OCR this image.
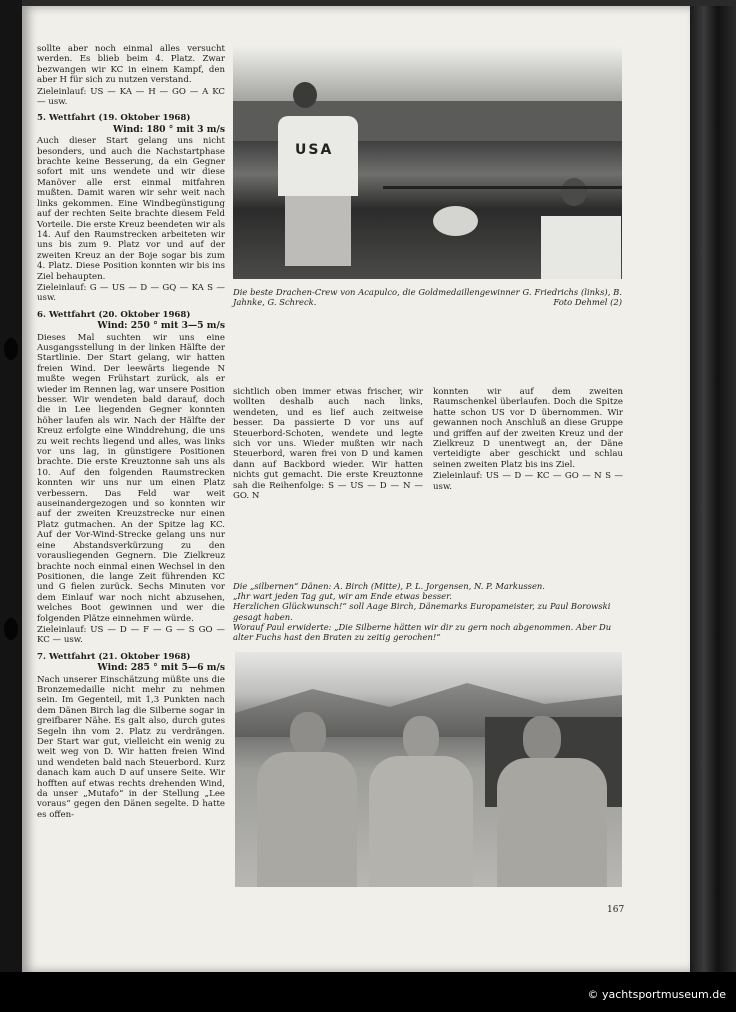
sollte aber noch einmal alles versucht werden. Es blieb beim 4. Platz. Zwar bezwangen wir KC in einem Kampf, den aber H für sich zu nutzen verstand.

Zieleinlauf: US — KA — H — GO — A KC — usw.

5. Wettfahrt (19. Oktober 1968)

Wind: 180 ° mit 3 m/s

Auch dieser Start gelang uns nicht besonders, und auch die Nachstartphase brachte keine Besserung, da ein Gegner sofort mit uns wendete und wir diese Manöver alle erst einmal mitfahren mußten. Damit waren wir sehr weit nach links gekommen. Eine Windbegünstigung auf der rechten Seite brachte diesem Feld Vorteile. Die erste Kreuz beendeten wir als 14. Auf den Raumstrecken arbeiteten wir uns bis zum 9. Platz vor und auf der zweiten Kreuz an der Boje sogar bis zum 4. Platz. Diese Position konnten wir bis ins Ziel behaupten.

Zieleinlauf: G — US — D — GQ — KA S — usw.

6. Wettfahrt (20. Oktober 1968)

Wind: 250 ° mit 3—5 m/s

Dieses Mal suchten wir uns eine Ausgangsstellung in der linken Hälfte der Startlinie. Der Start gelang, wir hatten freien Wind. Der leewärts liegende N mußte wegen Frühstart zurück, als er wieder im Rennen lag, war unsere Position besser. Wir wendeten bald darauf, doch die in Lee liegenden Gegner konnten höher laufen als wir. Nach der Hälfte der Kreuz erfolgte eine Winddrehung, die uns zu weit rechts liegend und alles, was links vor uns lag, in günstigere Positionen brachte. Die erste Kreuztonne sah uns als 10. Auf den folgenden Raumstrecken konnten wir uns nur um einen Platz verbessern. Das Feld war weit auseinandergezogen und so konnten wir auf der zweiten Kreuzstrecke nur einen Platz gutmachen. An der Spitze lag KC. Auf der Vor-Wind-Strecke gelang uns nur eine Abstandsverkürzung zu den vorausliegenden Gegnern. Die Zielkreuz brachte noch einmal einen Wechsel in den Positionen, die lange Zeit führenden KC und G fielen zurück. Sechs Minuten vor dem Einlauf war noch nicht abzusehen, welches Boot gewinnen und wer die folgenden Plätze einnehmen würde.

Zieleinlauf: US — D — F — G — S GO — KC — usw.

7. Wettfahrt (21. Oktober 1968)

Wind: 285 ° mit 5—6 m/s

Nach unserer Einschätzung müßte uns die Bronzemedaille nicht mehr zu nehmen sein. Im Gegenteil, mit 1,3 Punkten nach dem Dänen Birch lag die Silberne sogar in greifbarer Nähe. Es galt also, durch gutes Segeln ihn vom 2. Platz zu verdrängen. Der Start war gut, vielleicht ein wenig zu weit weg von D. Wir hatten freien Wind und wendeten bald nach Steuerbord. Kurz danach kam auch D auf unsere Seite. Wir hofften auf etwas rechts drehenden Wind, da unser „Mutafo“ in der Stellung „Lee voraus“ gegen den Dänen segelte. D hatte es offen-

USA
Die beste Drachen-Crew von Acapulco, die Goldmedaillengewinner G. Friedrichs (links), B. Jahnke, G. Schreck.	Foto Dehmel (2)

sichtlich oben immer etwas frischer, wir wollten deshalb auch nach links, wendeten, und es lief auch zeitweise besser. Da passierte D vor uns auf Steuerbord-Schoten, wendete und legte sich vor uns. Wieder mußten wir nach Steuerbord, waren frei von D und kamen dann auf Backbord wieder. Wir hatten nichts gut gemacht. Die erste Kreuztonne sah die Reihenfolge: S — US — D — N — GO. N

konnten wir auf dem zweiten Raumschenkel überlaufen. Doch die Spitze hatte schon US vor D übernommen. Wir gewannen noch Anschluß an diese Gruppe und griffen auf der zweiten Kreuz und der Zielkreuz D unentwegt an, der Däne verteidigte aber geschickt und schlau seinen zweiten Platz bis ins Ziel.

Zieleinlauf: US — D — KC — GO — N S — usw.

Die „silbernen“ Dänen: A. Birch (Mitte), P. L. Jorgensen, N. P. Markussen.

„Ihr wart jeden Tag gut, wir am Ende etwas besser.

Herzlichen Glückwunsch!“ soll Aage Birch, Dänemarks Europameister, zu Paul Borowski gesagt haben.

Worauf Paul erwiderte: „Die Silberne hätten wir dir zu gern noch abgenommen. Aber Du alter Fuchs hast den Braten zu zeitig gerochen!“

167
© yachtsportmuseum.de
